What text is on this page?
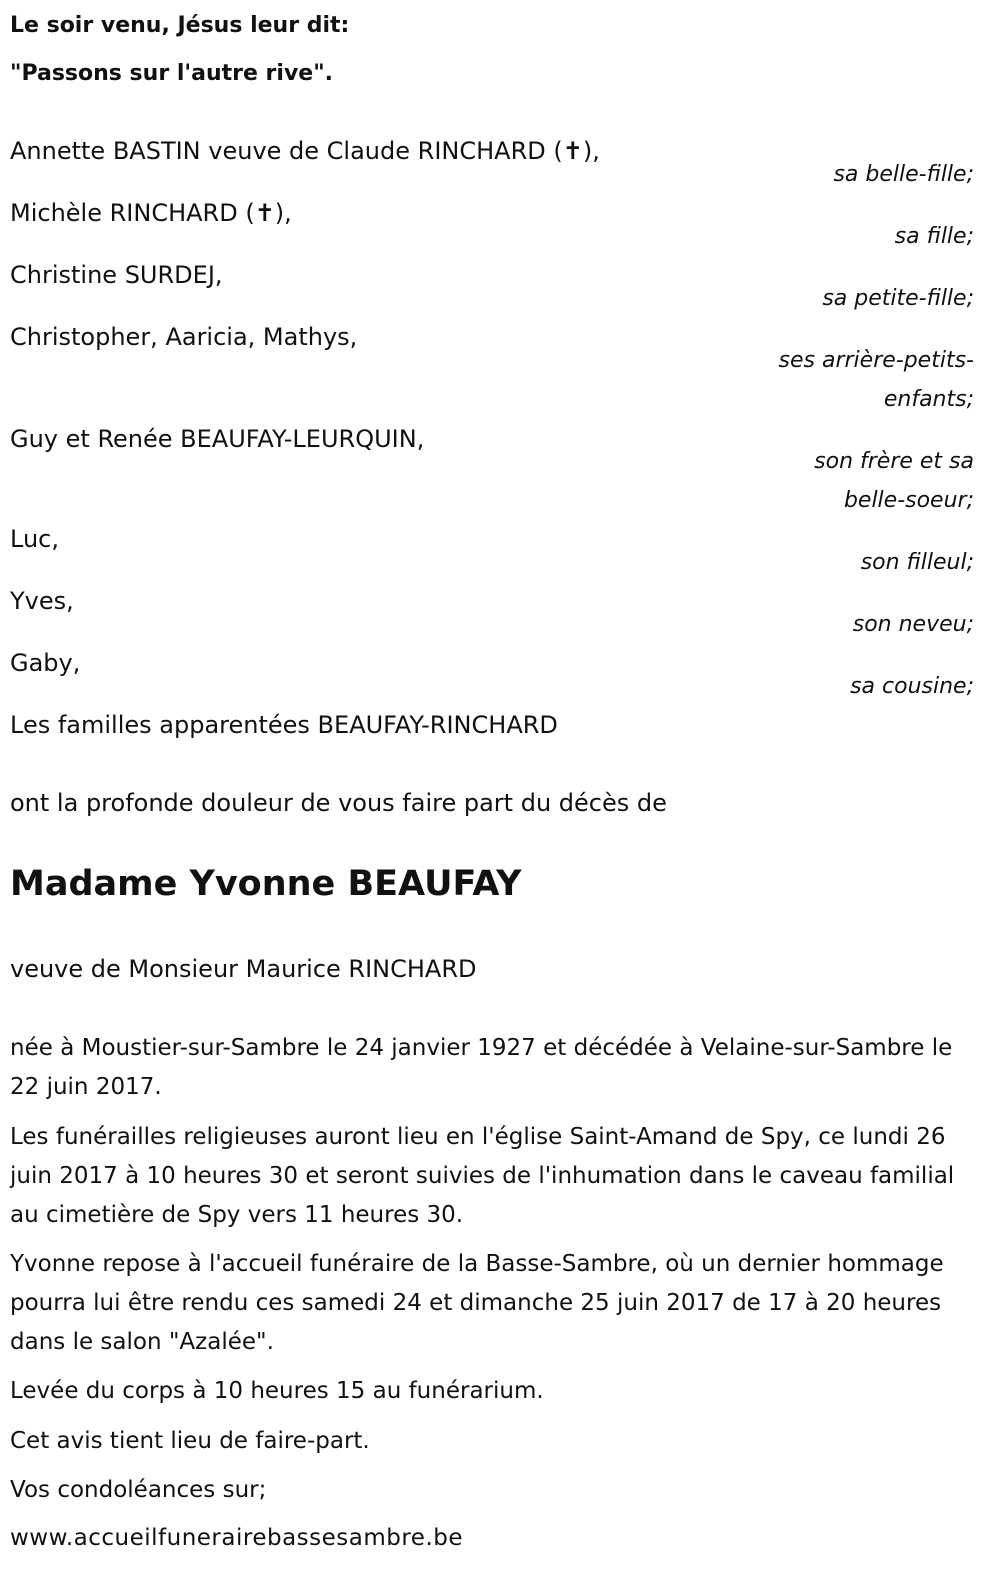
Le soir venu, Jésus leur dit:

"Passons sur l'autre rive".

Annette BASTIN veuve de Claude RINCHARD (✝),

sa belle-fille;

Michèle RINCHARD (✝),

sa fille;

Christine SURDEJ,

sa petite-fille;

Christopher, Aaricia, Mathys,

ses arrière-petits-enfants;

Guy et Renée BEAUFAY-LEURQUIN,

son frère et sa belle-soeur;

Luc,

son filleul;

Yves,

son neveu;

Gaby,

sa cousine;

Les familles apparentées BEAUFAY-RINCHARD

ont la profonde douleur de vous faire part du décès de

Madame Yvonne BEAUFAY

veuve de Monsieur Maurice RINCHARD

née à Moustier-sur-Sambre le 24 janvier 1927 et décédée à Velaine-sur-Sambre le 22 juin 2017.

Les funérailles religieuses auront lieu en l'église Saint-Amand de Spy, ce lundi 26 juin 2017 à 10 heures 30 et seront suivies de l'inhumation dans le caveau familial au cimetière de Spy vers 11 heures 30.

Yvonne repose à l'accueil funéraire de la Basse-Sambre, où un dernier hommage pourra lui être rendu ces samedi 24 et dimanche 25 juin 2017 de 17 à 20 heures dans le salon "Azalée".

Levée du corps à 10 heures 15 au funérarium.

Cet avis tient lieu de faire-part.

Vos condoléances sur;

www.accueilfunerairebassesambre.be
